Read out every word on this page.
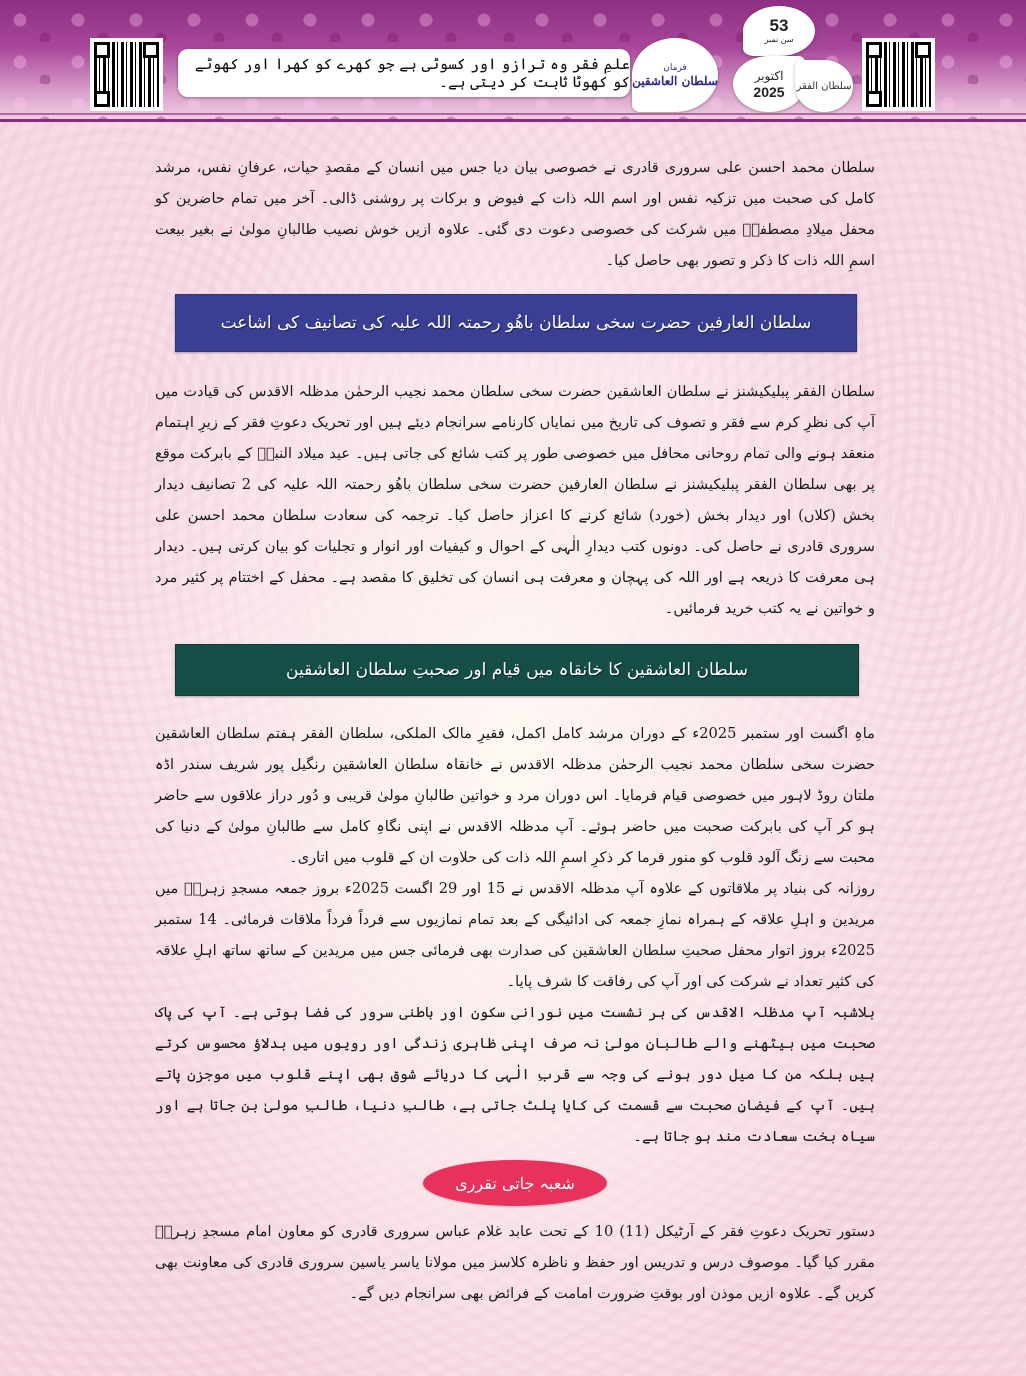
علمِ فقر وہ ترازو اور کسوٹی ہے جو کھرے کو کھرا اور کھوٹے کو کھوٹا ثابت کر دیتی ہے۔
فرمان
سلطان العاشقین
53
سن نمبر
اکتوبر
2025 سلطان الفقر

سلطان محمد احسن علی سروری قادری نے خصوصی بیان دیا جس میں انسان کے مقصدِ حیات، عرفانِ نفس، مرشد کامل کی صحبت میں تزکیہ نفس اور اسم اللہ ذات کے فیوض و برکات پر روشنی ڈالی۔ آخر میں تمام حاضرین کو محفل میلادِ مصطفیؐ میں شرکت کی خصوصی دعوت دی گئی۔ علاوہ ازیں خوش نصیب طالبانِ مولیٰ نے بغیر بیعت اسمِ اللہ ذات کا ذکر و تصور بھی حاصل کیا۔

سلطان العارفین حضرت سخی سلطان باھُو رحمتہ اللہ علیہ کی تصانیف کی اشاعت

سلطان الفقر پبلیکیشنز نے سلطان العاشقین حضرت سخی سلطان محمد نجیب الرحمٰن مدظلہ الاقدس کی قیادت میں آپ کی نظرِ کرم سے فقر و تصوف کی تاریخ میں نمایاں کارنامے سرانجام دیئے ہیں اور تحریک دعوتِ فقر کے زیرِ اہتمام منعقد ہونے والی تمام روحانی محافل میں خصوصی طور پر کتب شائع کی جاتی ہیں۔ عید میلاد النبیؐ کے بابرکت موقع پر بھی سلطان الفقر پبلیکیشنز نے سلطان العارفین حضرت سخی سلطان باھُو رحمتہ اللہ علیہ کی 2 تصانیف دیدار بخش (کلاں) اور دیدار بخش (خورد) شائع کرنے کا اعزاز حاصل کیا۔ ترجمہ کی سعادت سلطان محمد احسن علی سروری قادری نے حاصل کی۔ دونوں کتب دیدارِ الٰہی کے احوال و کیفیات اور انوار و تجلیات کو بیان کرتی ہیں۔ دیدار ہی معرفت کا ذریعہ ہے اور اللہ کی پہچان و معرفت ہی انسان کی تخلیق کا مقصد ہے۔ محفل کے اختتام پر کثیر مرد و خواتین نے یہ کتب خرید فرمائیں۔

سلطان العاشقین کا خانقاہ میں قیام اور صحبتِ سلطان العاشقین

ماہِ اگست اور ستمبر 2025ء کے دوران مرشد کامل اکمل، فقیرِ مالک الملکی، سلطان الفقر ہفتم سلطان العاشقین حضرت سخی سلطان محمد نجیب الرحمٰن مدظلہ الاقدس نے خانقاہ سلطان العاشقین رنگیل پور شریف سندر اڈہ ملتان روڈ لاہور میں خصوصی قیام فرمایا۔ اس دوران مرد و خواتین طالبانِ مولیٰ قریبی و دُور دراز علاقوں سے حاضر ہو کر آپ کی بابرکت صحبت میں حاضر ہوئے۔ آپ مدظلہ الاقدس نے اپنی نگاہِ کامل سے طالبانِ مولیٰ کے دنیا کی محبت سے زنگ آلود قلوب کو منور فرما کر ذکرِ اسمِ اللہ ذات کی حلاوت ان کے قلوب میں اتاری۔

روزانہ کی بنیاد پر ملاقاتوں کے علاوہ آپ مدظلہ الاقدس نے 15 اور 29 اگست 2025ء بروز جمعہ مسجدِ زہراؓ میں مریدین و اہلِ علاقہ کے ہمراہ نمازِ جمعہ کی ادائیگی کے بعد تمام نمازیوں سے فرداً فرداً ملاقات فرمائی۔ 14 ستمبر 2025ء بروز اتوار محفل صحبتِ سلطان العاشقین کی صدارت بھی فرمائی جس میں مریدین کے ساتھ ساتھ اہلِ علاقہ کی کثیر تعداد نے شرکت کی اور آپ کی رفاقت کا شرف پایا۔

بلاشبہ آپ مدظلہ الاقدس کی ہر نشست میں نورانی سکون اور باطنی سرور کی فضا ہوتی ہے۔ آپ کی پاک صحبت میں بیٹھنے والے طالبانِ مولیٰ نہ صرف اپنی ظاہری زندگی اور رویوں میں بدلاؤ محسوس کرتے ہیں بلکہ من کا میل دور ہونے کی وجہ سے قربِ الٰہی کا دریائے شوق بھی اپنے قلوب میں موجزن پاتے ہیں۔ آپ کے فیضانِ صحبت سے قسمت کی کایا پلٹ جاتی ہے، طالبِ دنیا، طالبِ مولیٰ بن جاتا ہے اور سیاہ بخت سعادت مند ہو جاتا ہے۔

شعبہ جاتی تقرری

دستور تحریک دعوتِ فقر کے آرٹیکل (11) 10 کے تحت عابد غلام عباس سروری قادری کو معاون امام مسجدِ زہراؓ مقرر کیا گیا۔ موصوف درس و تدریس اور حفظ و ناظرہ کلاسز میں مولانا یاسر یاسین سروری قادری کی معاونت بھی کریں گے۔ علاوہ ازیں موذن اور بوقتِ ضرورت امامت کے فرائض بھی سرانجام دیں گے۔
